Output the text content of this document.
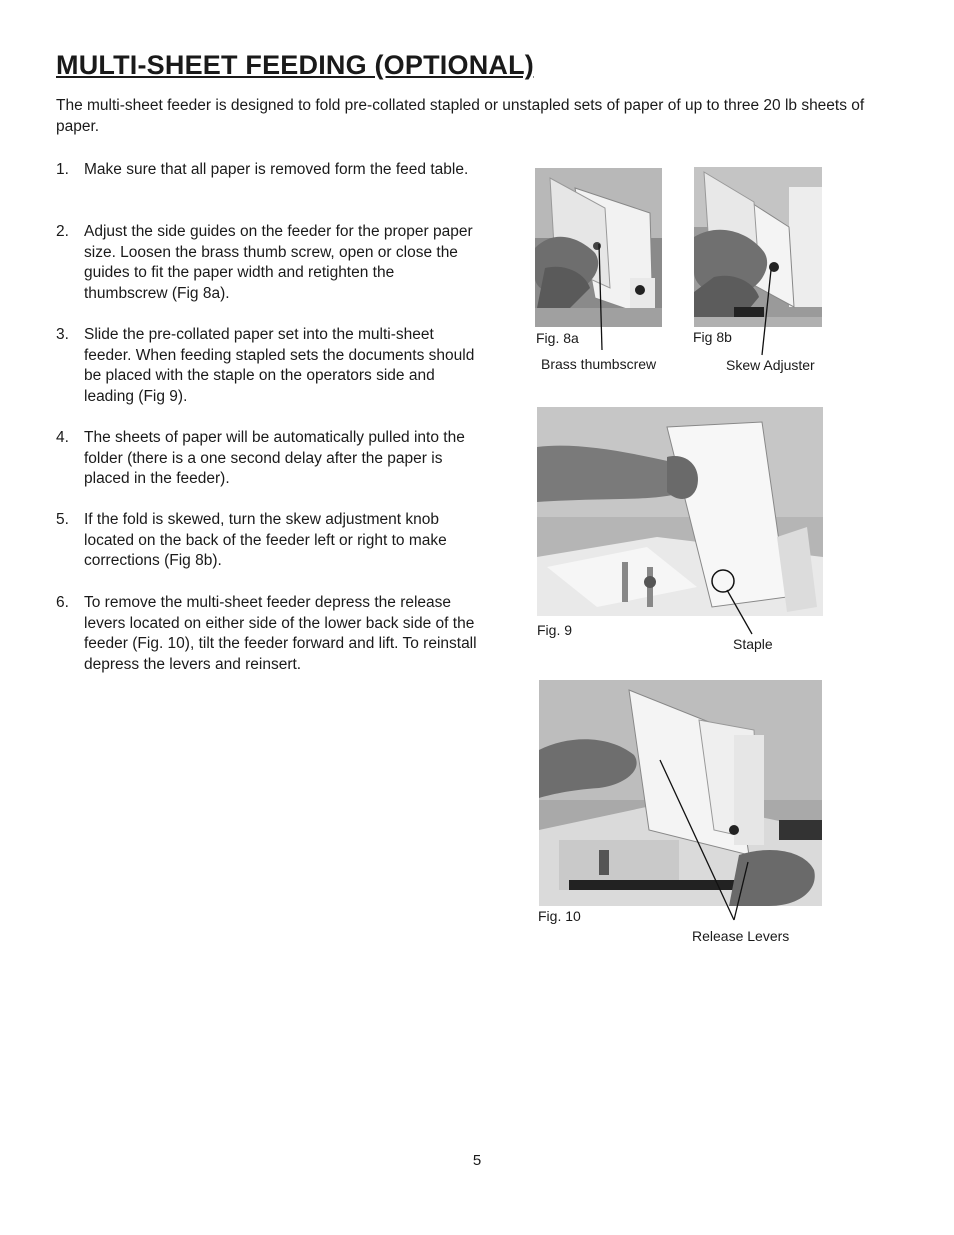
MULTI-SHEET FEEDING (OPTIONAL)

The multi-sheet feeder is designed to fold pre-collated stapled or unstapled sets of paper of up to three 20 lb sheets of paper.

1. Make sure that all paper is removed form the feed table.
2. Adjust the side guides on the feeder for the proper paper size. Loosen the brass thumb screw, open or close the guides to fit the paper width and retighten the thumbscrew (Fig 8a).
3. Slide the pre-collated paper set into the multi-sheet feeder. When feeding stapled sets the documents should be placed with the staple on the operators side and leading (Fig 9).
4. The sheets of paper will be automatically pulled into the folder (there is a one second delay after the paper is placed in the feeder).
5. If the fold is skewed, turn the skew adjustment knob located on the back of the feeder left or right to make corrections (Fig 8b).
6. To remove the multi-sheet feeder depress the release levers located on either side of the lower back side of the feeder (Fig. 10), tilt the feeder forward and lift. To reinstall depress the levers and reinsert.
Fig. 8a
Brass thumbscrew
Fig 8b
Skew Adjuster
Fig. 9
Staple
Fig. 10
Release Levers
5
